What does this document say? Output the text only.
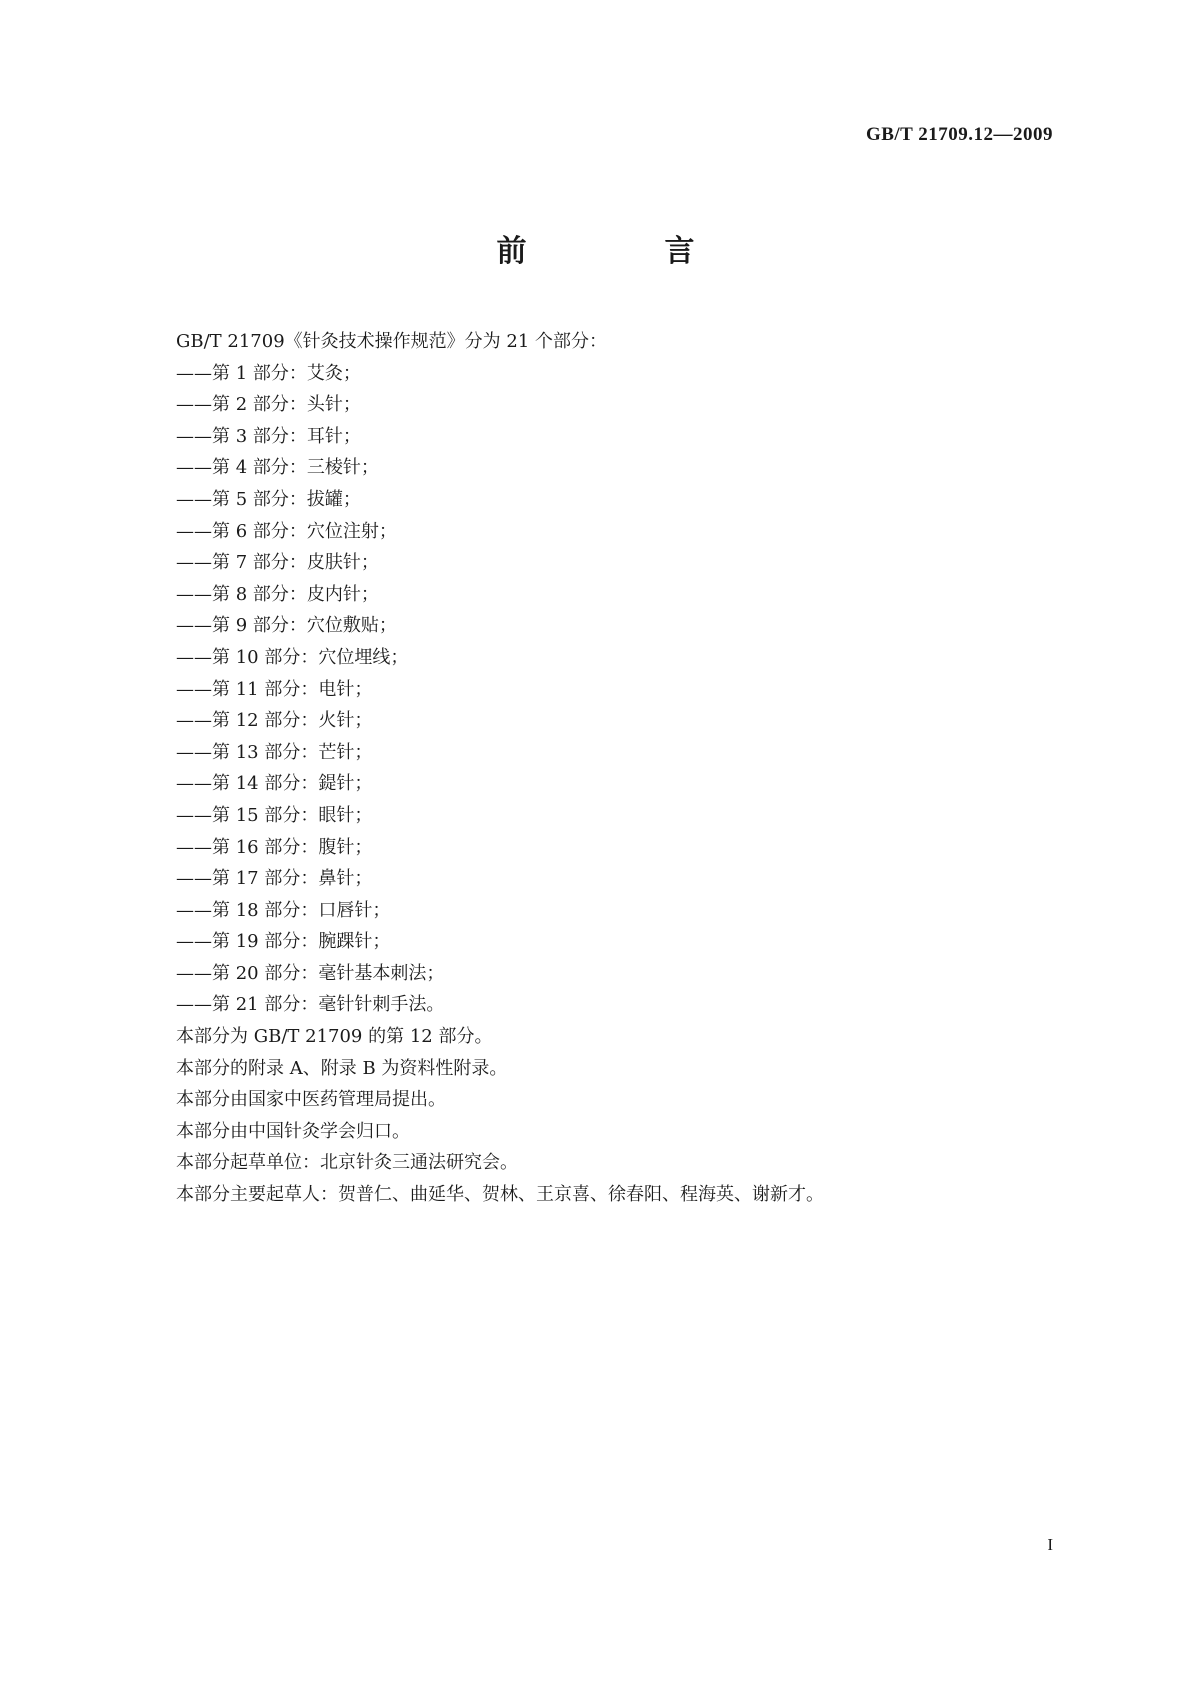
GB/T 21709.12—2009
前　言
GB/T 21709《针灸技术操作规范》分为 21 个部分：
——第 1 部分：艾灸；
——第 2 部分：头针；
——第 3 部分：耳针；
——第 4 部分：三棱针；
——第 5 部分：拔罐；
——第 6 部分：穴位注射；
——第 7 部分：皮肤针；
——第 8 部分：皮内针；
——第 9 部分：穴位敷贴；
——第 10 部分：穴位埋线；
——第 11 部分：电针；
——第 12 部分：火针；
——第 13 部分：芒针；
——第 14 部分：鍉针；
——第 15 部分：眼针；
——第 16 部分：腹针；
——第 17 部分：鼻针；
——第 18 部分：口唇针；
——第 19 部分：腕踝针；
——第 20 部分：毫针基本刺法；
——第 21 部分：毫针针刺手法。
本部分为 GB/T 21709 的第 12 部分。
本部分的附录 A、附录 B 为资料性附录。
本部分由国家中医药管理局提出。
本部分由中国针灸学会归口。
本部分起草单位：北京针灸三通法研究会。
本部分主要起草人：贺普仁、曲延华、贺林、王京喜、徐春阳、程海英、谢新才。
I
